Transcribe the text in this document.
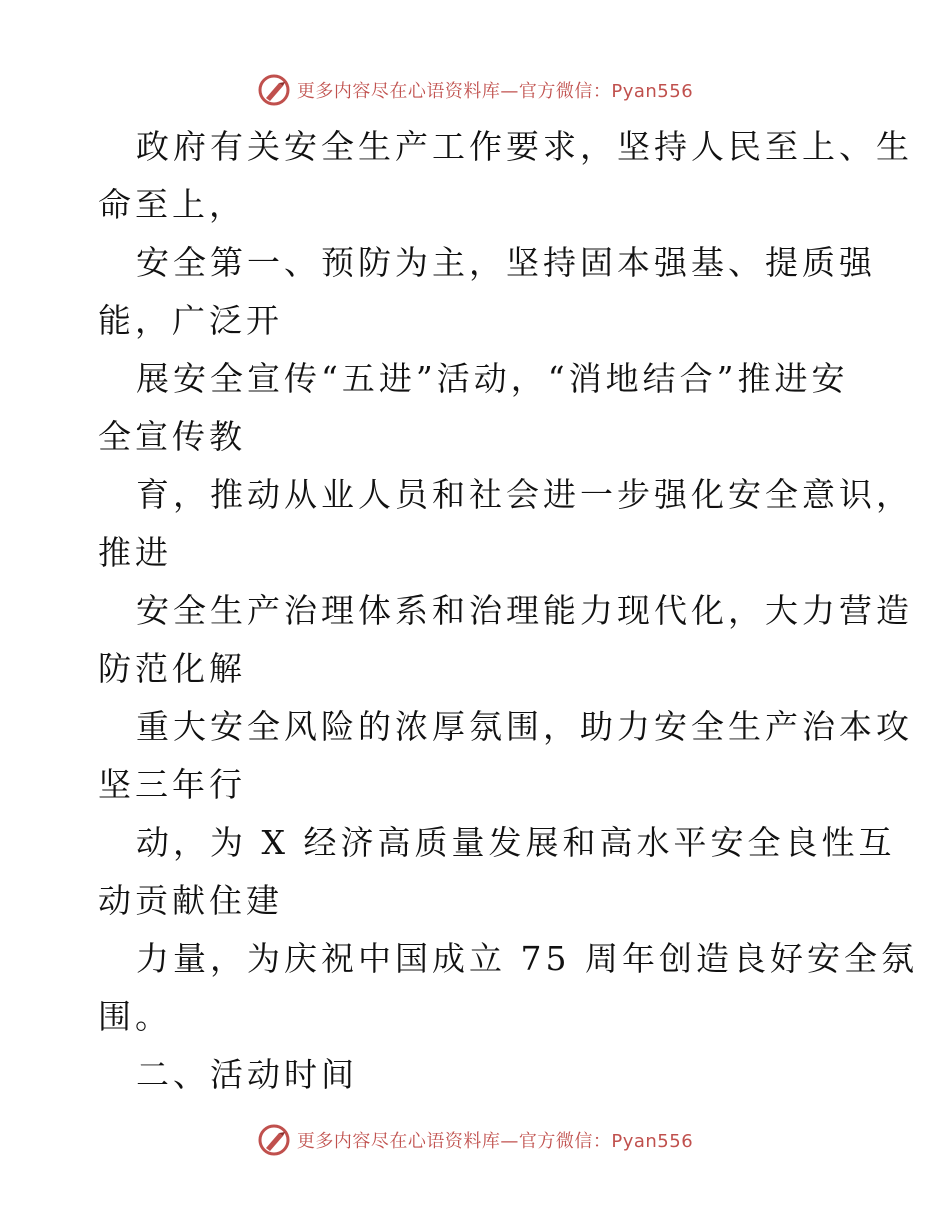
更多内容尽在心语资料库—官方微信：Pyan556
政府有关安全生产工作要求，坚持人民至上、生
命至上，
安全第一、预防为主，坚持固本强基、提质强
能，广泛开
展安全宣传“五进”活动，“消地结合”推进安
全宣传教
育，推动从业人员和社会进一步强化安全意识，
推进
安全生产治理体系和治理能力现代化，大力营造
防范化解
重大安全风险的浓厚氛围，助力安全生产治本攻
坚三年行
动，为 X 经济高质量发展和高水平安全良性互
动贡献住建
力量，为庆祝中国成立 75 周年创造良好安全氛
围。
二、活动时间
更多内容尽在心语资料库—官方微信：Pyan556
